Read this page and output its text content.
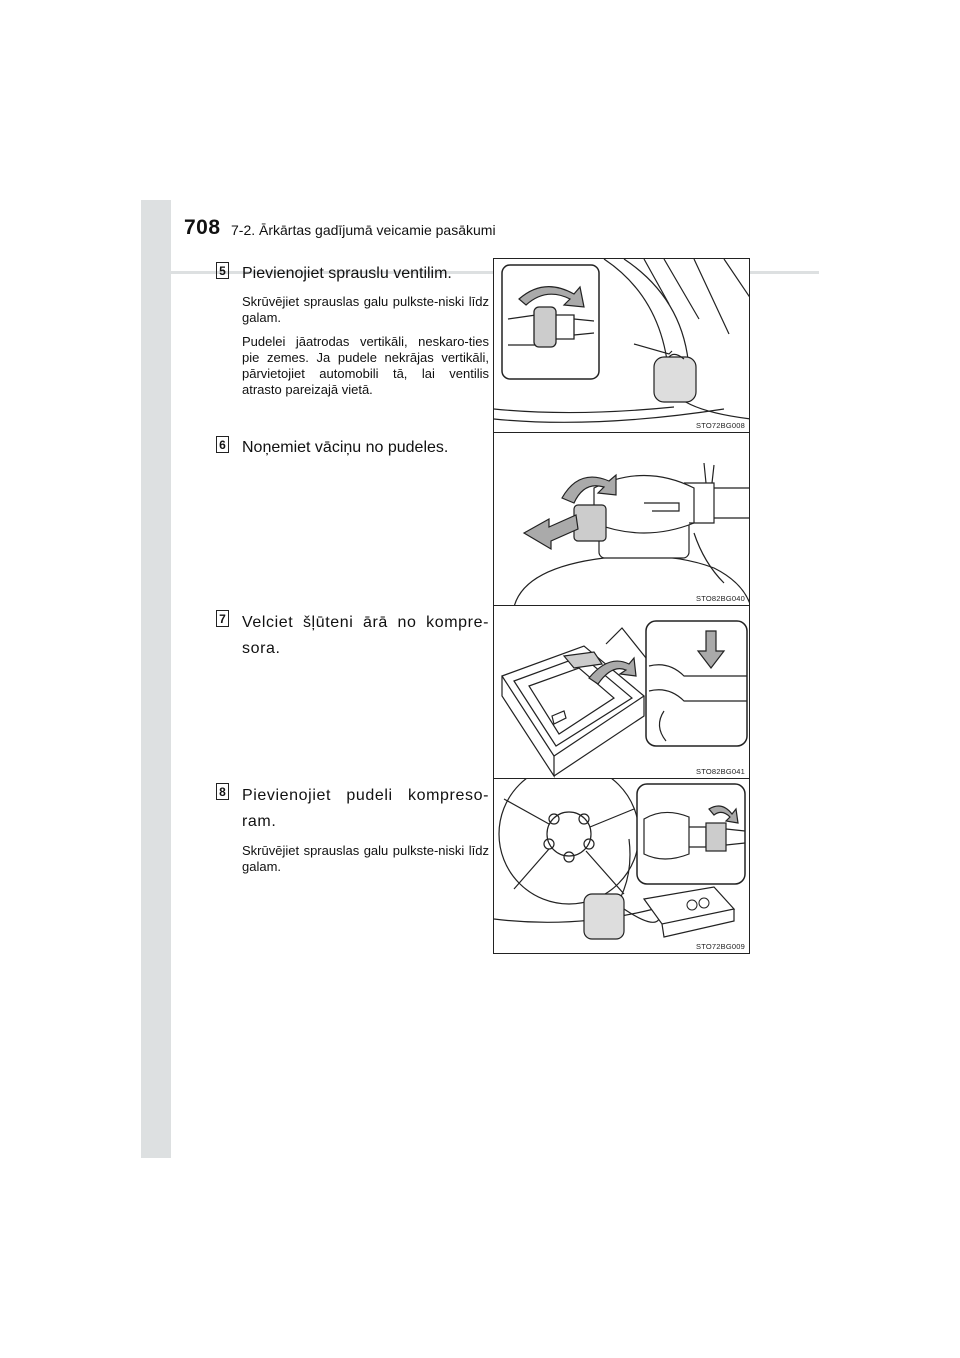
708 7-2. Ārkārtas gadījumā veicamie pasākumi
5 Pievienojiet sprauslu ventilim.

Skrūvējiet sprauslas galu pulkste-niski līdz galam.

Pudelei jāatrodas vertikāli, neskaro-ties pie zemes. Ja pudele nekrājas vertikāli, pārvietojiet automobili tā, lai ventilis atrasto pareizajā vietā.

6 Noņemiet vāciņu no pudeles.
7 Velciet šļūteni ārā no kompre-sora.
8 Pievienojiet pudeli kompreso-ram.

Skrūvējiet sprauslas galu pulkste-niski līdz galam.

STO72BG008
STO82BG040
STO82BG041
STO72BG009
